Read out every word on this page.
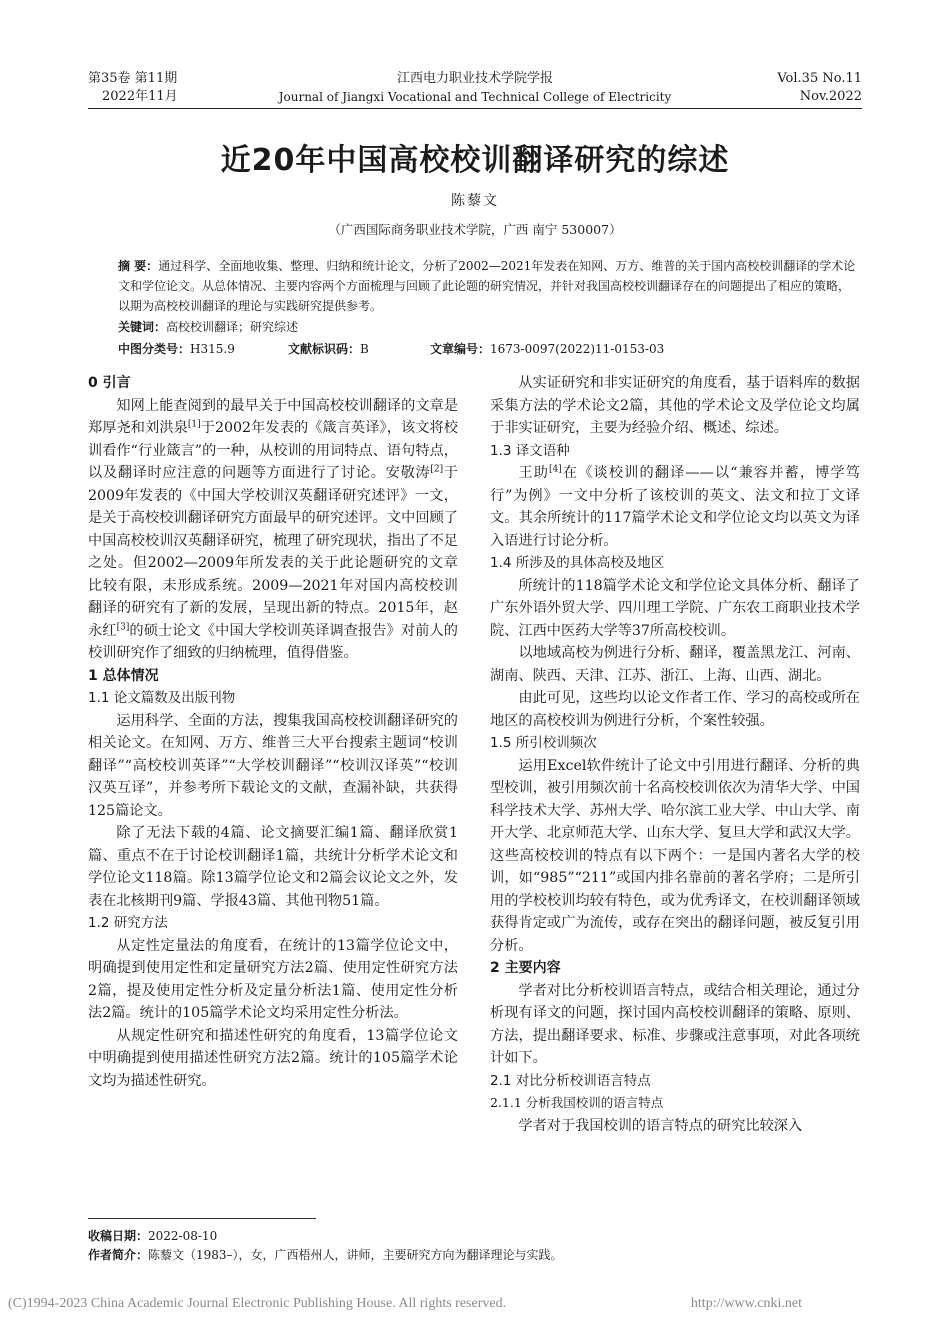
第35卷 第11期
2022年11月
江西电力职业技术学院学报
Journal of Jiangxi Vocational and Technical College of Electricity
Vol.35 No.11
Nov.2022
近20年中国高校校训翻译研究的综述
陈藜文
（广西国际商务职业技术学院，广西 南宁 530007）
摘 要：通过科学、全面地收集、整理、归纳和统计论文，分析了2002—2021年发表在知网、万方、维普的关于国内高校校训翻译的学术论文和学位论文。从总体情况、主要内容两个方面梳理与回顾了此论题的研究情况，并针对我国高校校训翻译存在的问题提出了相应的策略，以期为高校校训翻译的理论与实践研究提供参考。
关键词：高校校训翻译；研究综述
中图分类号：H315.9	文献标识码：B	文章编号：1673-0097(2022)11-0153-03
0 引言

知网上能查阅到的最早关于中国高校校训翻译的文章是郑厚尧和刘洪泉[1]于2002年发表的《箴言英译》，该文将校训看作“行业箴言”的一种，从校训的用词特点、语句特点，以及翻译时应注意的问题等方面进行了讨论。安敬涛[2]于2009年发表的《中国大学校训汉英翻译研究述评》一文，是关于高校校训翻译研究方面最早的研究述评。文中回顾了中国高校校训汉英翻译研究，梳理了研究现状，指出了不足之处。但2002—2009年所发表的关于此论题研究的文章比较有限，未形成系统。2009—2021年对国内高校校训翻译的研究有了新的发展，呈现出新的特点。2015年，赵永红[3]的硕士论文《中国大学校训英译调查报告》对前人的校训研究作了细致的归纳梳理，值得借鉴。

1 总体情况
1.1 论文篇数及出版刊物

运用科学、全面的方法，搜集我国高校校训翻译研究的相关论文。在知网、万方、维普三大平台搜索主题词“校训翻译”“高校校训英译”“大学校训翻译”“校训汉译英”“校训汉英互译”，并参考所下载论文的文献，查漏补缺，共获得125篇论文。

除了无法下载的4篇、论文摘要汇编1篇、翻译欣赏1篇、重点不在于讨论校训翻译1篇，共统计分析学术论文和学位论文118篇。除13篇学位论文和2篇会议论文之外，发表在北核期刊9篇、学报43篇、其他刊物51篇。

1.2 研究方法

从定性定量法的角度看，在统计的13篇学位论文中，明确提到使用定性和定量研究方法2篇、使用定性研究方法2篇，提及使用定性分析及定量分析法1篇、使用定性分析法2篇。统计的105篇学术论文均采用定性分析法。

从规定性研究和描述性研究的角度看，13篇学位论文中明确提到使用描述性研究方法2篇。统计的105篇学术论文均为描述性研究。

从实证研究和非实证研究的角度看，基于语料库的数据采集方法的学术论文2篇，其他的学术论文及学位论文均属于非实证研究，主要为经验介绍、概述、综述。

1.3 译文语种

王助[4]在《谈校训的翻译——以“兼容并蓄，博学笃行”为例》一文中分析了该校训的英文、法文和拉丁文译文。其余所统计的117篇学术论文和学位论文均以英文为译入语进行讨论分析。

1.4 所涉及的具体高校及地区

所统计的118篇学术论文和学位论文具体分析、翻译了广东外语外贸大学、四川理工学院、广东农工商职业技术学院、江西中医药大学等37所高校校训。

以地域高校为例进行分析、翻译，覆盖黑龙江、河南、湖南、陕西、天津、江苏、浙江、上海、山西、湖北。

由此可见，这些均以论文作者工作、学习的高校或所在地区的高校校训为例进行分析，个案性较强。

1.5 所引校训频次

运用Excel软件统计了论文中引用进行翻译、分析的典型校训，被引用频次前十名高校校训依次为清华大学、中国科学技术大学、苏州大学、哈尔滨工业大学、中山大学、南开大学、北京师范大学、山东大学、复旦大学和武汉大学。这些高校校训的特点有以下两个：一是国内著名大学的校训，如“985”“211”或国内排名靠前的著名学府；二是所引用的学校校训均较有特色，或为优秀译文，在校训翻译领域获得肯定或广为流传，或存在突出的翻译问题，被反复引用分析。

2 主要内容

学者对比分析校训语言特点，或结合相关理论，通过分析现有译文的问题，探讨国内高校校训翻译的策略、原则、方法，提出翻译要求、标准、步骤或注意事项，对此各项统计如下。

2.1 对比分析校训语言特点
2.1.1 分析我国校训的语言特点

学者对于我国校训的语言特点的研究比较深入

收稿日期：2022-08-10
作者简介：陈藜文（1983–），女，广西梧州人，讲师，主要研究方向为翻译理论与实践。
(C)1994-2023 China Academic Journal Electronic Publishing House. All rights reserved.	http://www.cnki.net
